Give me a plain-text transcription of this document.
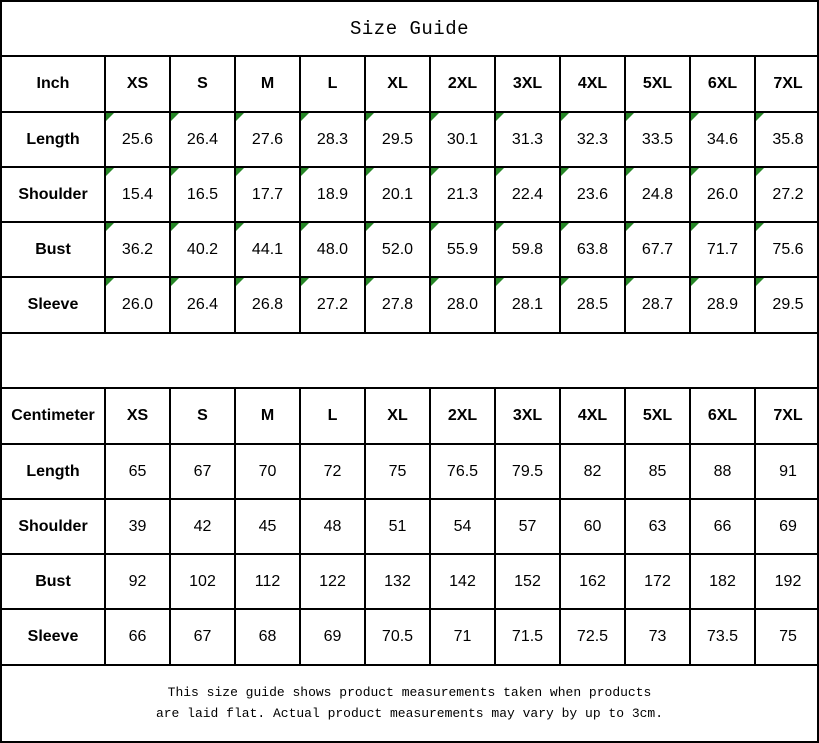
Size Guide
Inch	XS	S	M	L	XL	2XL	3XL	4XL	5XL	6XL	7XL
Length	25.6	26.4	27.6	28.3	29.5	30.1	31.3	32.3	33.5	34.6	35.8
Shoulder	15.4	16.5	17.7	18.9	20.1	21.3	22.4	23.6	24.8	26.0	27.2
Bust	36.2	40.2	44.1	48.0	52.0	55.9	59.8	63.8	67.7	71.7	75.6
Sleeve	26.0	26.4	26.8	27.2	27.8	28.0	28.1	28.5	28.7	28.9	29.5
Centimeter	XS	S	M	L	XL	2XL	3XL	4XL	5XL	6XL	7XL
Length	65	67	70	72	75	76.5	79.5	82	85	88	91
Shoulder	39	42	45	48	51	54	57	60	63	66	69
Bust	92	102	112	122	132	142	152	162	172	182	192
Sleeve	66	67	68	69	70.5	71	71.5	72.5	73	73.5	75
This size guide shows product measurements taken when products
are laid flat. Actual product measurements may vary by up to 3cm.
